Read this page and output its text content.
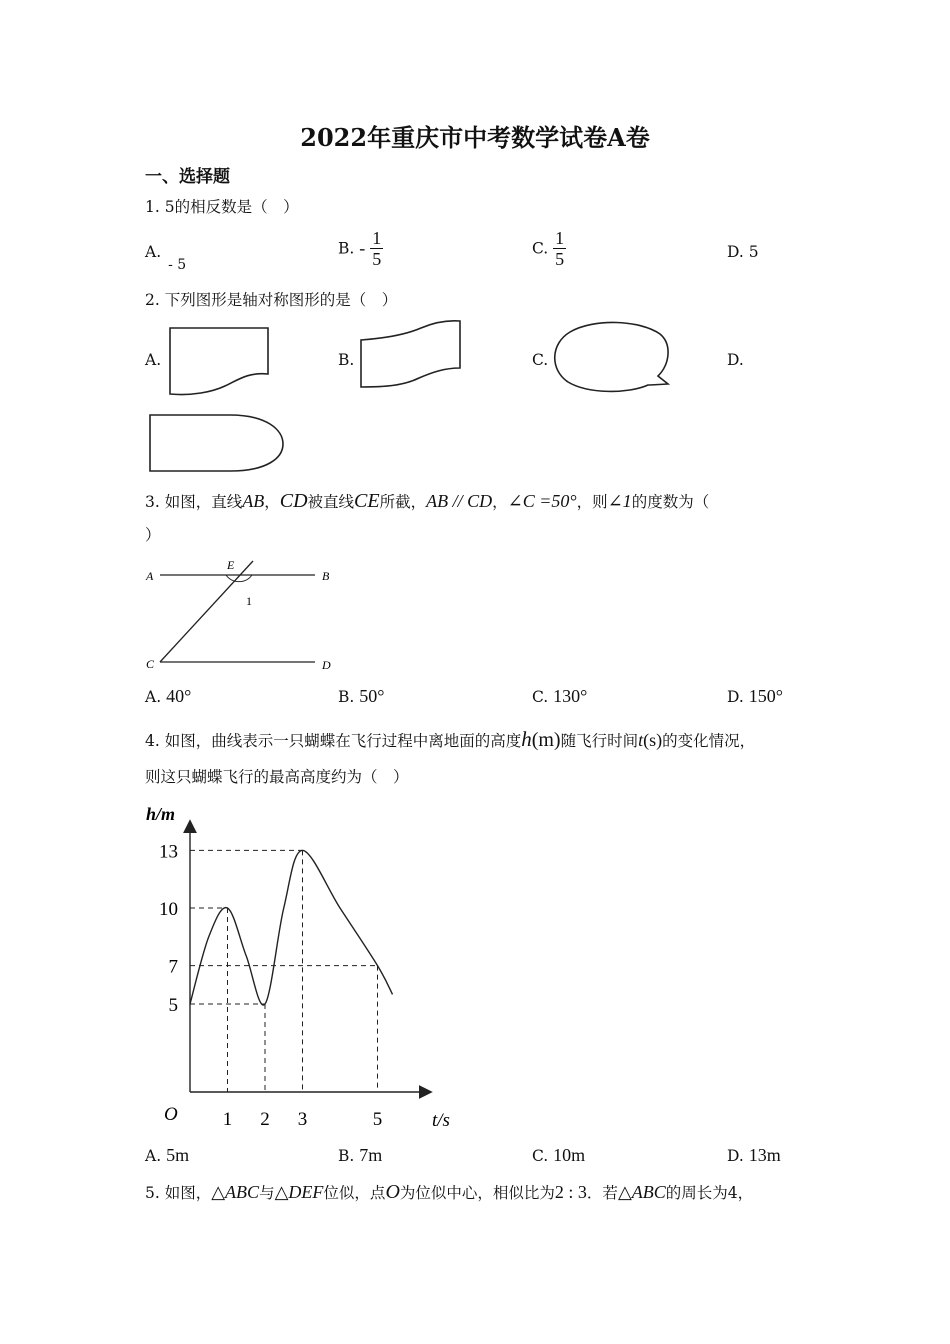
2022年重庆市中考数学试卷A卷
一、选择题
1. 5的相反数是（　）
A. - 5
B. - $\frac{1}{5}$	C. $\frac{1}{5}$	D. 5
2. 下列图形是轴对称图形的是（　）
A.	B.	C.	D.
3. 如图，直线AB，CD被直线CE所截，AB // CD，∠C =50°，则∠1的度数为（
）
A	B
C	D
E
1
A. 40°	B. 50°	C. 130°	D. 150°
4. 如图，曲线表示一只蝴蝶在飞行过程中离地面的高度h(m)随飞行时间t(s)的变化情况，
则这只蝴蝶飞行的最高高度约为（　）
5
7
10
13
1 2 3	5
O
h/m
t/s
A. 5m	B. 7m	C. 10m	D. 13m
5. 如图，△ABC与△DEF位似，点O为位似中心，相似比为2 : 3．若△ABC的周长为4，
